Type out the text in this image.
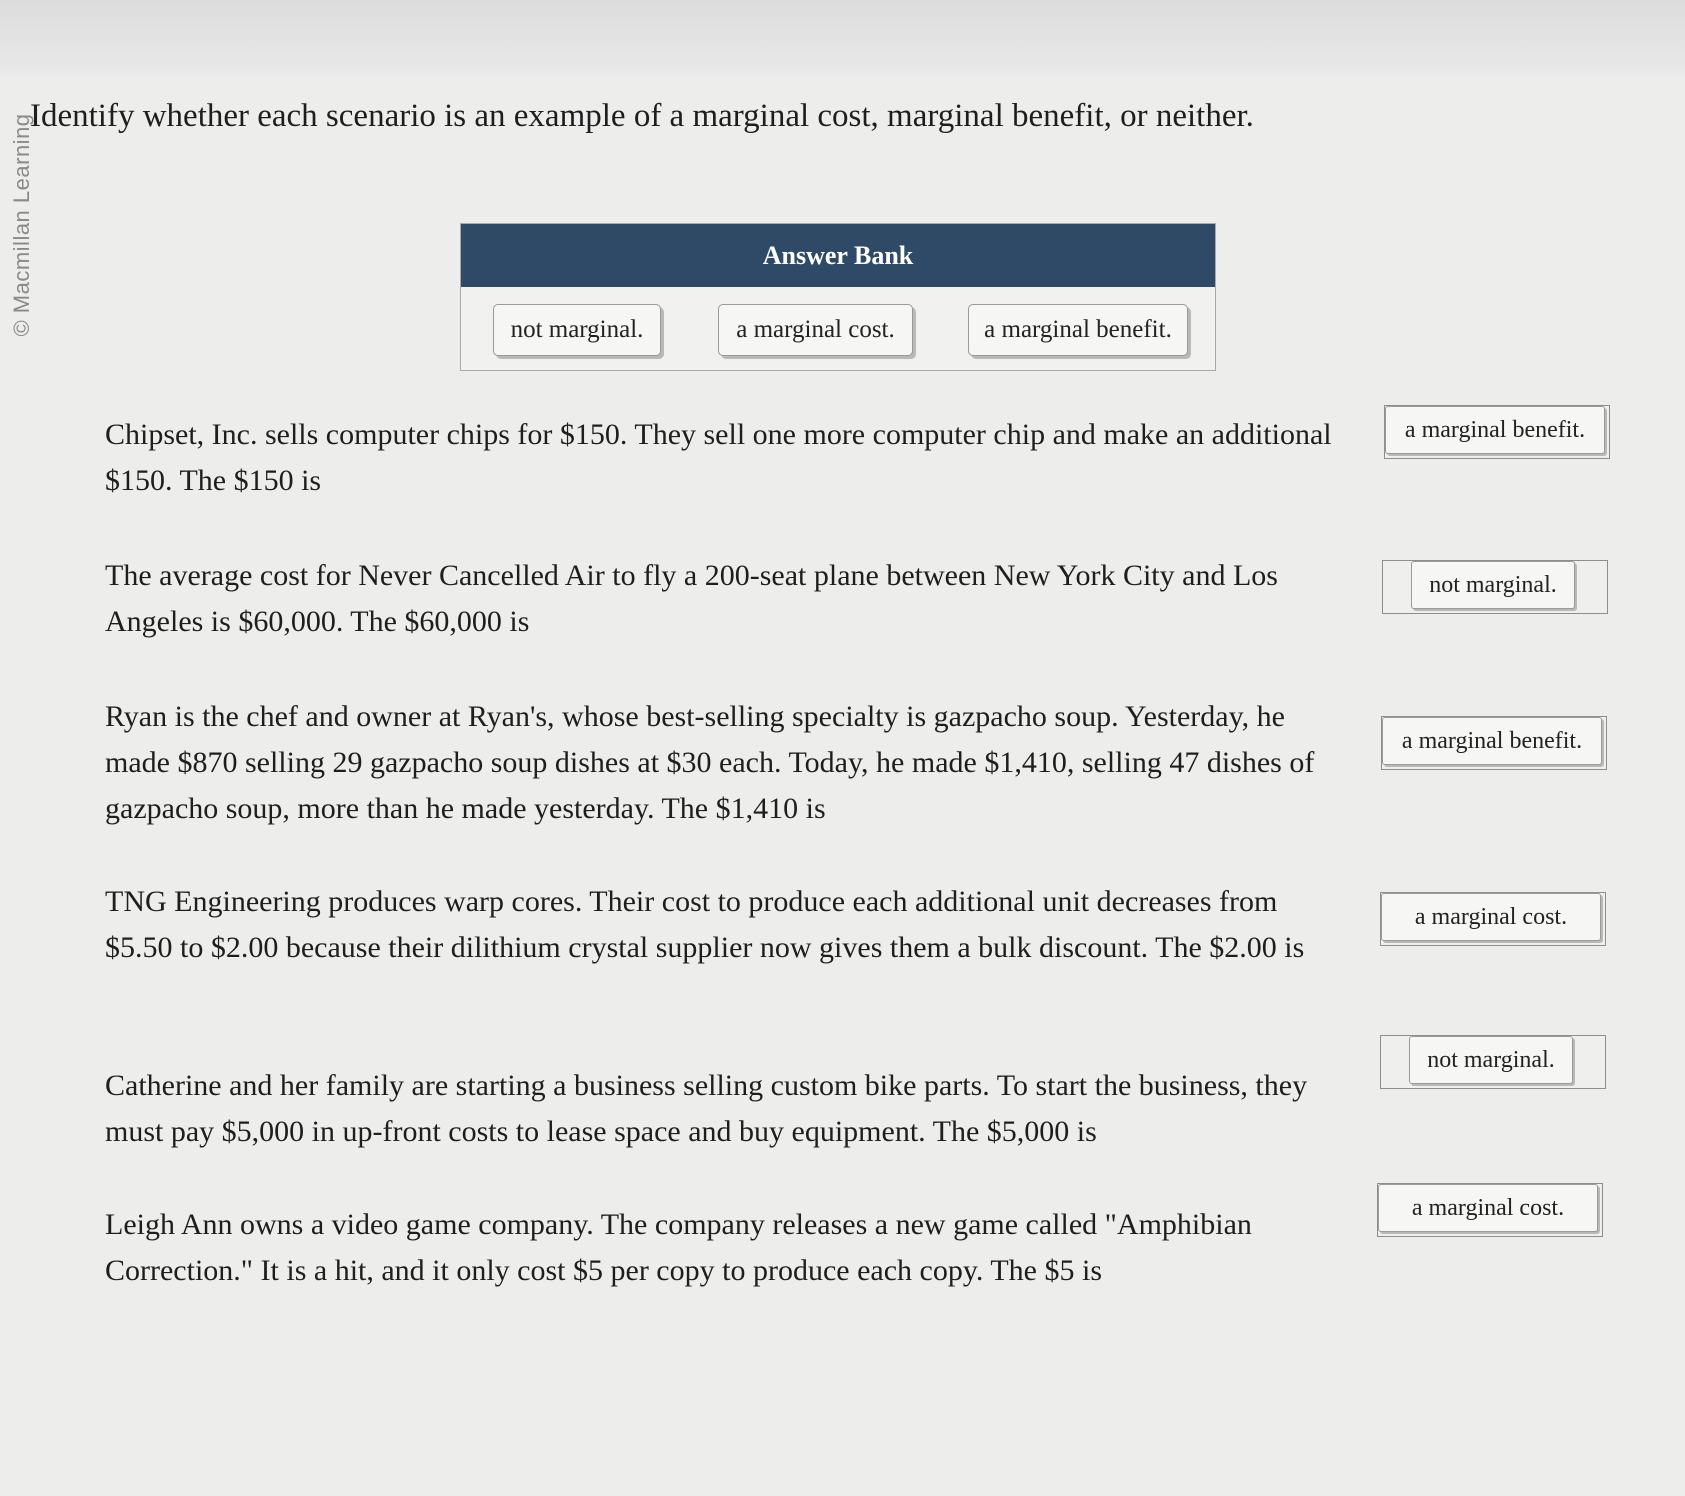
© Macmillan Learning
Identify whether each scenario is an example of a marginal cost, marginal benefit, or neither.
Answer Bank
not marginal.	a marginal cost.	a marginal benefit.
Chipset, Inc. sells computer chips for $150. They sell one more computer chip and make an additional $150. The $150 is
a marginal benefit.
The average cost for Never Cancelled Air to fly a 200-seat plane between New York City and Los Angeles is $60,000. The $60,000 is
not marginal.
Ryan is the chef and owner at Ryan's, whose best-selling specialty is gazpacho soup. Yesterday, he made $870 selling 29 gazpacho soup dishes at $30 each. Today, he made $1,410, selling 47 dishes of gazpacho soup, more than he made yesterday. The $1,410 is
a marginal benefit.
TNG Engineering produces warp cores. Their cost to produce each additional unit decreases from $5.50 to $2.00 because their dilithium crystal supplier now gives them a bulk discount. The $2.00 is
a marginal cost.
Catherine and her family are starting a business selling custom bike parts. To start the business, they must pay $5,000 in up-front costs to lease space and buy equipment. The $5,000 is
not marginal.
Leigh Ann owns a video game company. The company releases a new game called "Amphibian Correction." It is a hit, and it only cost $5 per copy to produce each copy. The $5 is
a marginal cost.
